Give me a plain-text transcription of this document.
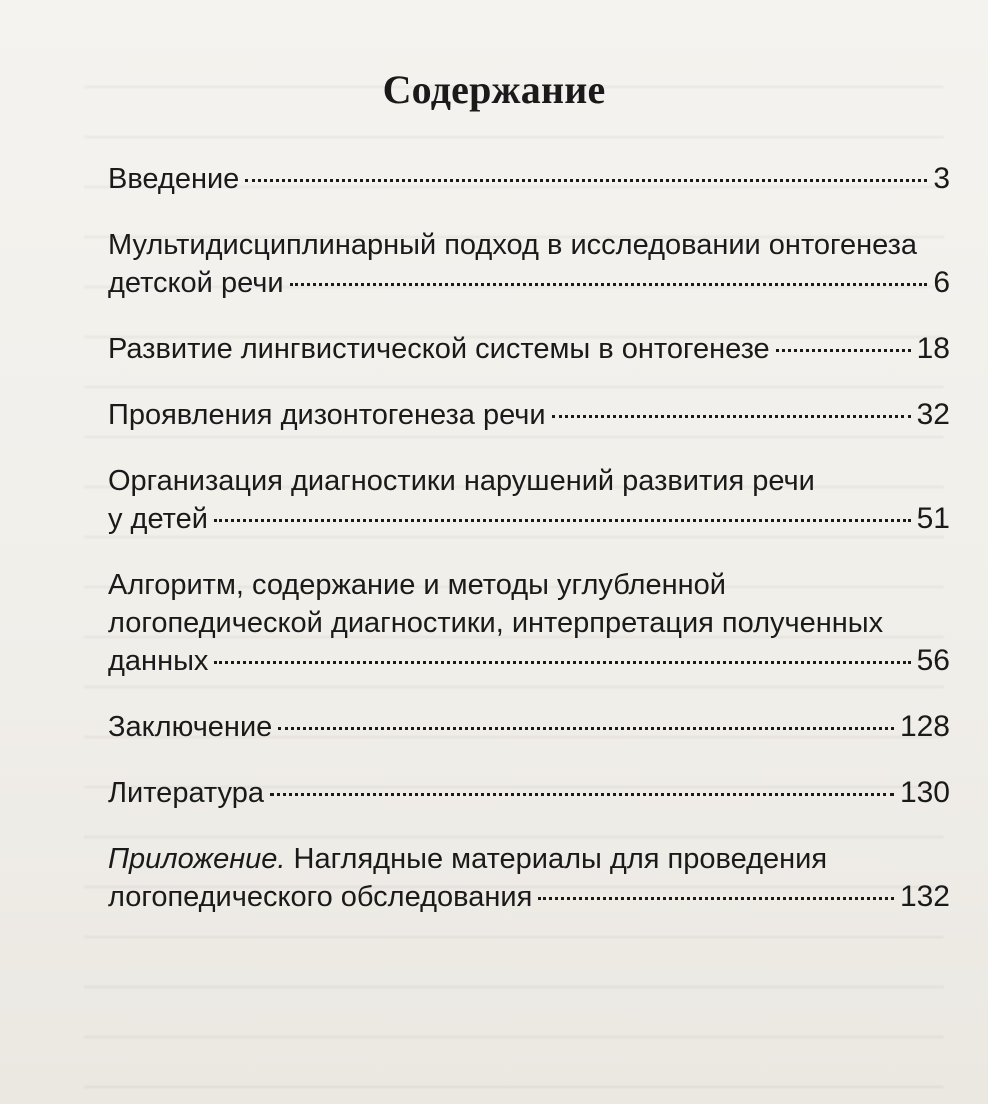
Содержание
Введение	3
Мультидисциплинарный подход в исследовании онтогенеза
детской речи	6
Развитие лингвистической системы в онтогенезе	18
Проявления дизонтогенеза речи	32
Организация диагностики нарушений развития речи
у детей	51
Алгоритм, содержание и методы углубленной
логопедической диагностики, интерпретация полученных
данных	56
Заключение	128
Литература	130
Приложение. Наглядные материалы для проведения
логопедического обследования	132
